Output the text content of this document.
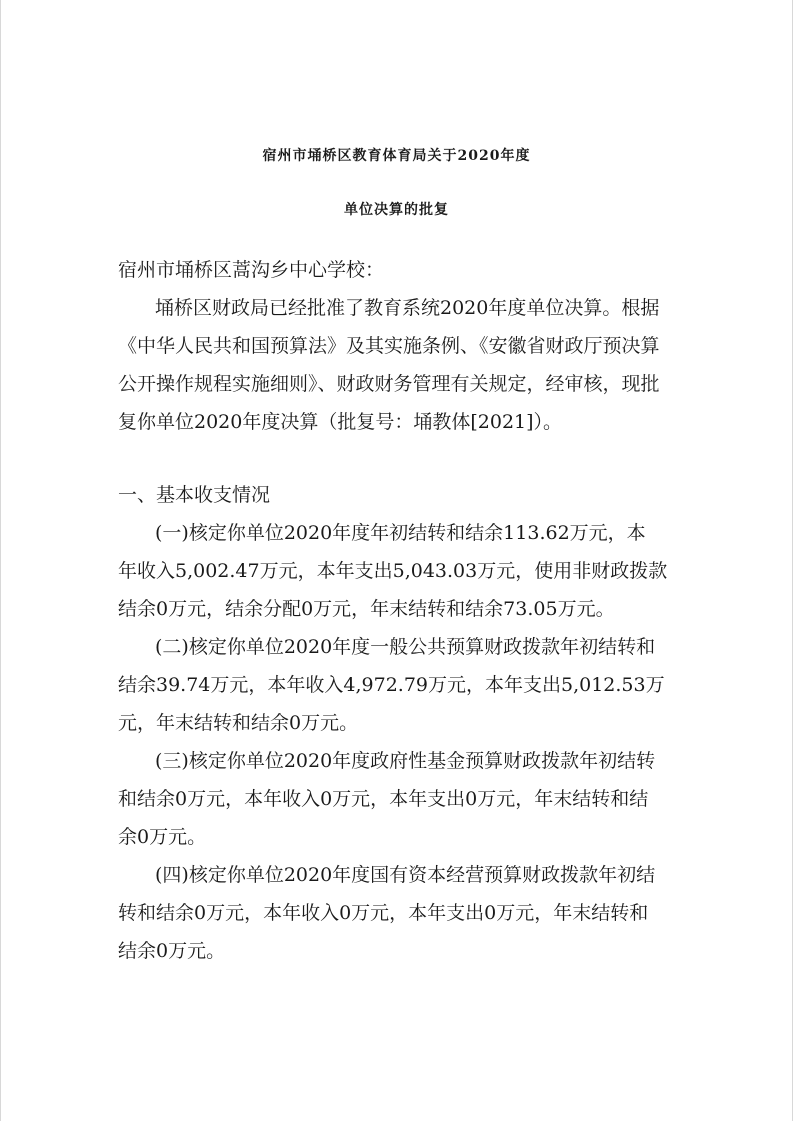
宿州市埇桥区教育体育局关于2020年度
单位决算的批复
宿州市埇桥区蒿沟乡中心学校：
埇桥区财政局已经批准了教育系统2020年度单位决算。根据
《中华人民共和国预算法》及其实施条例、《安徽省财政厅预决算
公开操作规程实施细则》、财政财务管理有关规定，经审核，现批
复你单位2020年度决算（批复号：埇教体[2021]）。
一、基本收支情况
(一)核定你单位2020年度年初结转和结余113.62万元，本
年收入5,002.47万元，本年支出5,043.03万元，使用非财政拨款
结余0万元，结余分配0万元，年末结转和结余73.05万元。
(二)核定你单位2020年度一般公共预算财政拨款年初结转和
结余39.74万元，本年收入4,972.79万元，本年支出5,012.53万
元，年末结转和结余0万元。
(三)核定你单位2020年度政府性基金预算财政拨款年初结转
和结余0万元，本年收入0万元，本年支出0万元，年末结转和结
余0万元。
(四)核定你单位2020年度国有资本经营预算财政拨款年初结
转和结余0万元，本年收入0万元，本年支出0万元，年末结转和
结余0万元。
